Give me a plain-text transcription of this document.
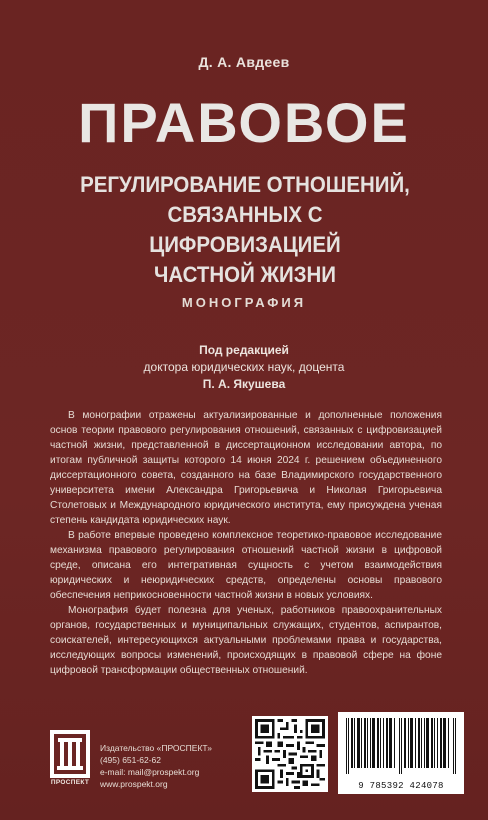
Д. А. Авдеев
ПРАВОВОЕ
РЕГУЛИРОВАНИЕ ОТНОШЕНИЙ,
СВЯЗАННЫХ С ЦИФРОВИЗАЦИЕЙ
ЧАСТНОЙ ЖИЗНИ
МОНОГРАФИЯ
Под редакцией
доктора юридических наук, доцента
П. А. Якушева

В монографии отражены актуализированные и дополненные положения основ теории правового регулирования отношений, связанных с цифровизацией частной жизни, представленной в диссертационном исследовании автора, по итогам публичной защиты которого 14 июня 2024 г. решением объединенного диссертационного совета, созданного на базе Владимирского государственного университета имени Александра Григорьевича и Николая Григорьевича Столетовых и Международного юридического института, ему присуждена ученая степень кандидата юридических наук.

В работе впервые проведено комплексное теоретико-правовое исследование механизма правового регулирования отношений частной жизни в цифровой среде, описана его интегративная сущность с учетом взаимодействия юридических и неюридических средств, определены основы правового обеспечения неприкосновенности частной жизни в новых условиях.

Монография будет полезна для ученых, работников правоохранительных органов, государственных и муниципальных служащих, студентов, аспирантов, соискателей, интересующихся актуальными проблемами права и государства, исследующих вопросы изменений, происходящих в правовой сфере на фоне цифровой трансформации общественных отношений.

ПРОСПЕКТ
Издательство «ПРОСПЕКТ»
(495) 651-62-62
e-mail: mail@prospekt.org
www.prospekt.org	9 785392 424078
